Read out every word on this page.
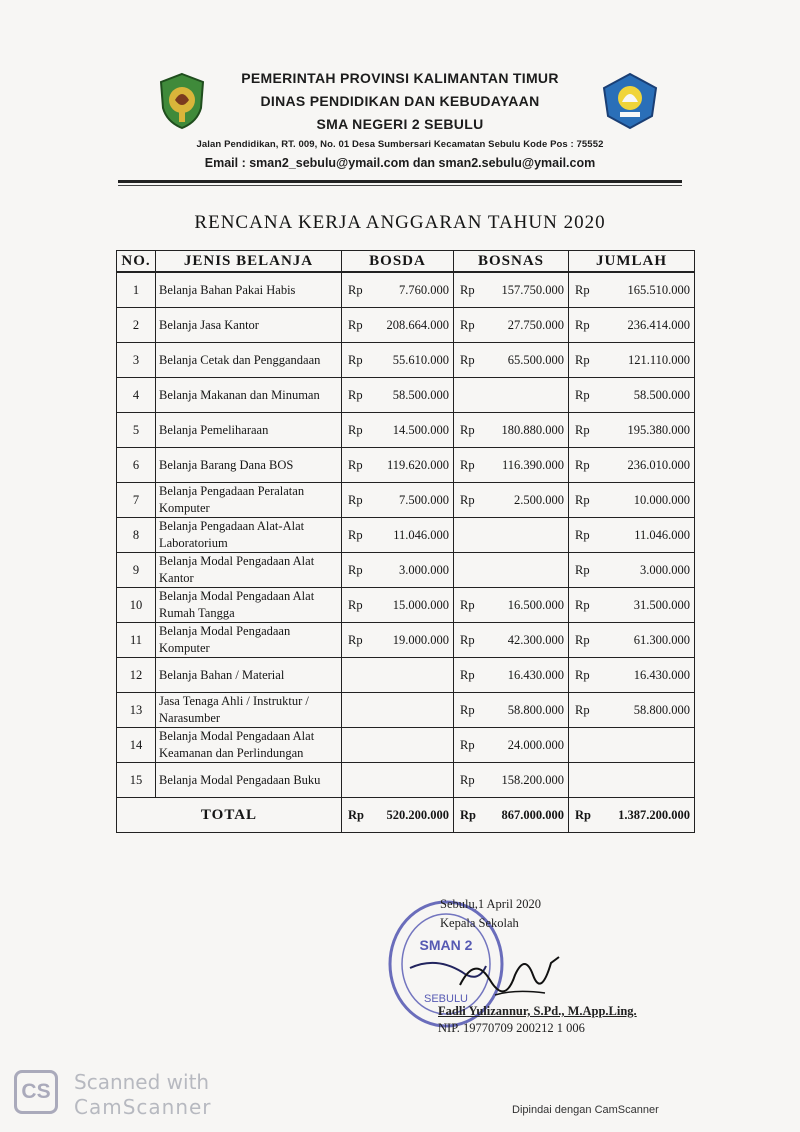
PEMERINTAH PROVINSI KALIMANTAN TIMUR
DINAS PENDIDIKAN DAN KEBUDAYAAN
SMA NEGERI 2 SEBULU
Jalan Pendidikan, RT. 009, No. 01 Desa Sumbersari Kecamatan Sebulu Kode Pos : 75552
Email : sman2_sebulu@ymail.com dan sman2.sebulu@ymail.com
RENCANA KERJA ANGGARAN TAHUN 2020
NO.	JENIS BELANJA	BOSDA	BOSNAS	JUMLAH
1	Belanja Bahan Pakai Habis	Rp 7.760.000	Rp 157.750.000	Rp 165.510.000

2	Belanja Jasa Kantor	Rp 208.664.000	Rp 27.750.000	Rp 236.414.000

3	Belanja Cetak dan Penggandaan	Rp 55.610.000	Rp 65.500.000	Rp 121.110.000

4	Belanja Makanan dan Minuman	Rp 58.500.000		Rp 58.500.000

5	Belanja Pemeliharaan	Rp 14.500.000	Rp 180.880.000	Rp 195.380.000

6	Belanja Barang Dana BOS	Rp 119.620.000	Rp 116.390.000	Rp 236.010.000

7	Belanja Pengadaan Peralatan Komputer	Rp 7.500.000	Rp 2.500.000	Rp 10.000.000

8	Belanja Pengadaan Alat-Alat Laboratorium	Rp 11.046.000		Rp 11.046.000

9	Belanja Modal Pengadaan Alat Kantor	Rp 3.000.000		Rp 3.000.000

10	Belanja Modal Pengadaan Alat Rumah Tangga	Rp 15.000.000	Rp 16.500.000	Rp 31.500.000

11	Belanja Modal Pengadaan Komputer	Rp 19.000.000	Rp 42.300.000	Rp 61.300.000

12	Belanja Bahan / Material		Rp 16.430.000	Rp 16.430.000

13	Jasa Tenaga Ahli / Instruktur / Narasumber		Rp 58.800.000	Rp 58.800.000

14	Belanja Modal Pengadaan Alat Keamanan dan Perlindungan		Rp 24.000.000	

15	Belanja Modal Pengadaan Buku		Rp 158.200.000	

TOTAL		Rp 520.200.000	Rp 867.000.000	Rp 1.387.200.000
SMAN 2
SEBULU
Sebulu,1 April 2020
Kepala Sekolah
Fadli Yulizannur, S.Pd., M.App.Ling.
NIP. 19770709 200212 1 006
CS	Scanned with
CamScanner	Dipindai dengan CamScanner
